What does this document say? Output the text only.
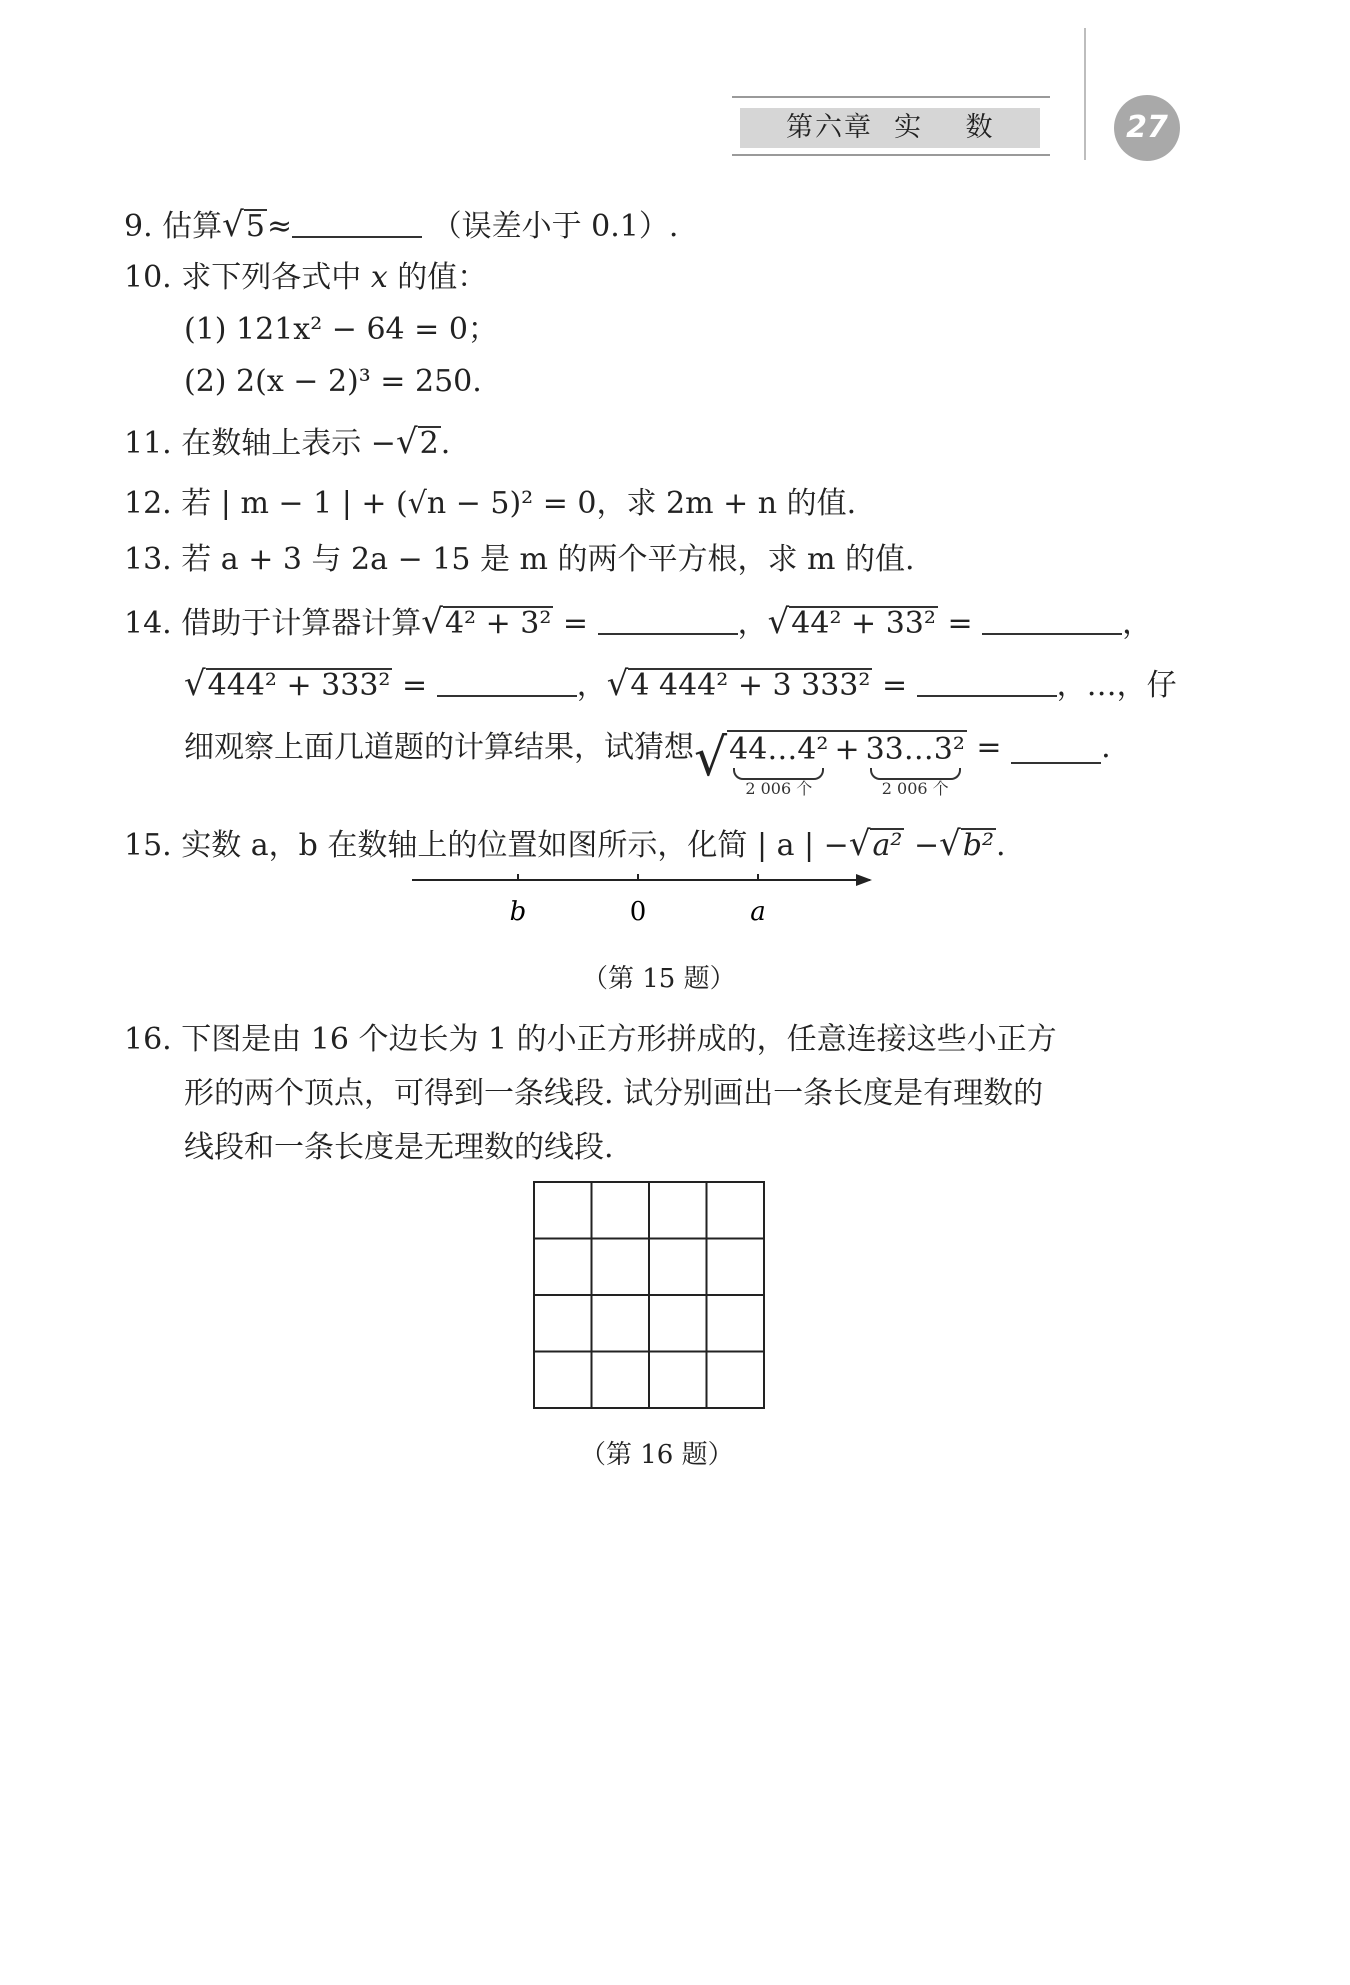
第六章  实    数	27
9. 估算√5≈	（误差小于 0.1）.
10. 求下列各式中 x 的值：
(1) 121x² − 64 = 0；
(2) 2(x − 2)³ = 250.
11. 在数轴上表示 −√2.
12. 若 | m − 1 | + (√n − 5)² = 0，求 2m + n 的值.
13. 若 a + 3 与 2a − 15 是 m 的两个平方根，求 m 的值.
14. 借助于计算器计算√4² + 3² =	，√44² + 33² =	，
√444² + 333² =	，√4 444² + 3 333² =	，…，仔
细观察上面几道题的计算结果，试猜想√ 44…4²
2 006 个
+ 33…3²
2 006 个
=	.
15. 实数 a，b 在数轴上的位置如图所示，化简 | a | −√a² −√b².
b	0	a
（第 15 题）
16. 下图是由 16 个边长为 1 的小正方形拼成的，任意连接这些小正方
形的两个顶点，可得到一条线段. 试分别画出一条长度是有理数的
线段和一条长度是无理数的线段.
（第 16 题）
